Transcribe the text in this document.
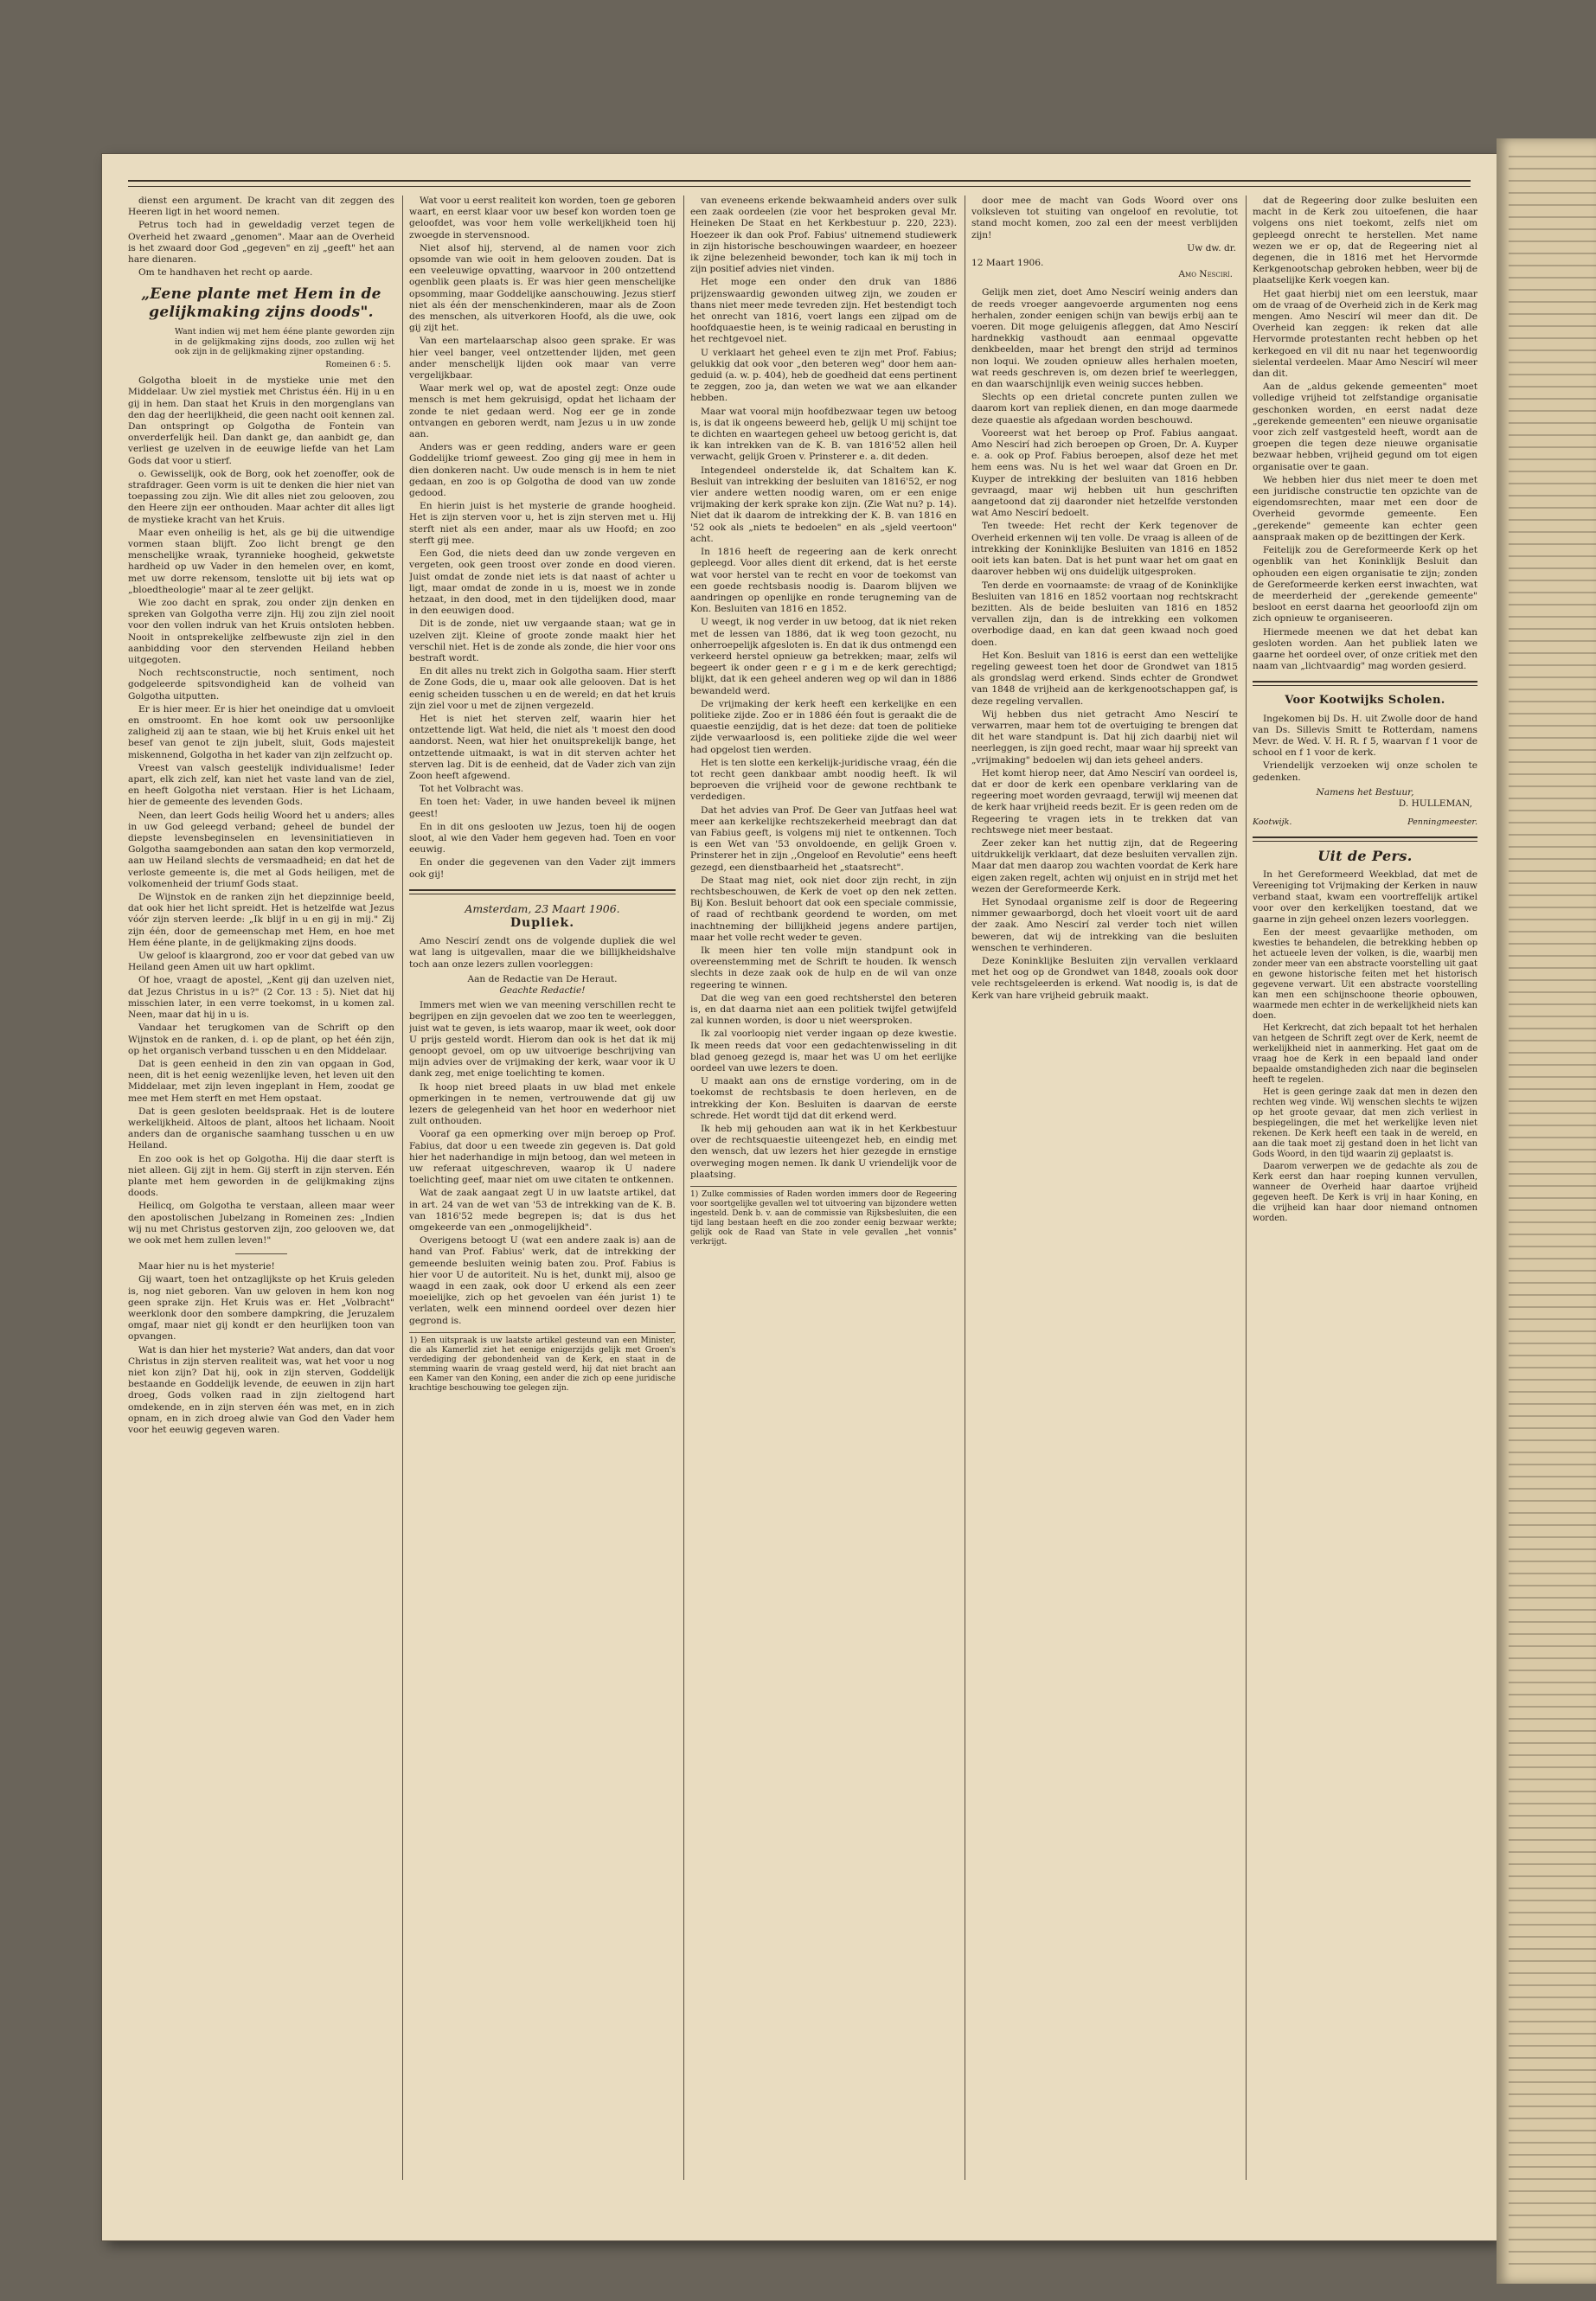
dienst een argument. De kracht van dit zeggen des Heeren ligt in het woord nemen.

Petrus toch had in geweldadig verzet tegen de Overheid het zwaard „genomen". Maar aan de Overheid is het zwaard door God „gegeven" en zij „geeft" het aan hare dienaren.

Om te handhaven het recht op aarde.

„Eene plante met Hem in de gelijkmaking zijns doods".

Want indien wij met hem ééne plante geworden zijn in de gelijkmaking zijns doods, zoo zullen wij het ook zijn in de gelijkmaking zijner opstanding.

Romeinen 6 : 5.

Golgotha bloeit in de mystieke unie met den Middelaar. Uw ziel mystiek met Christus één. Hij in u en gij in hem. Dan staat het Kruis in den morgenglans van den dag der heerlijkheid, die geen nacht ooit kennen zal. Dan ontspringt op Golgotha de Fontein van onverderfelijk heil. Dan dankt ge, dan aanbidt ge, dan verliest ge uzelven in de eeuwige liefde van het Lam Gods dat voor u stierf.

o. Gewisselijk, ook de Borg, ook het zoenoffer, ook de strafdrager. Geen vorm is uit te denken die hier niet van toepassing zou zijn. Wie dit alles niet zou gelooven, zou den Heere zijn eer onthouden. Maar achter dit alles ligt de mystieke kracht van het Kruis.

Maar even onheilig is het, als ge bij die uitwendige vormen staan blijft. Zoo licht brengt ge den menschelijke wraak, tyrannieke hoogheid, gekwetste hardheid op uw Vader in den hemelen over, en komt, met uw dorre rekensom, tenslotte uit bij iets wat op „bloedtheologie" maar al te zeer gelijkt.

Wie zoo dacht en sprak, zou onder zijn denken en spreken van Golgotha verre zijn. Hij zou zijn ziel nooit voor den vollen indruk van het Kruis ontsloten hebben. Nooit in ontsprekelijke zelfbewuste zijn ziel in den aanbidding voor den stervenden Heiland hebben uitgegoten.

Noch rechtsconstructie, noch sentiment, noch godgeleerde spitsvondigheid kan de volheid van Golgotha uitputten.

Er is hier meer. Er is hier het oneindige dat u omvloeit en omstroomt. En hoe komt ook uw persoonlijke zaligheid zij aan te staan, wie bij het Kruis enkel uit het besef van genot te zijn jubelt, sluit, Gods majesteit miskennend, Golgotha in het kader van zijn zelfzucht op.

Vreest van valsch geestelijk individualisme! Ieder apart, elk zich zelf, kan niet het vaste land van de ziel, en heeft Golgotha niet verstaan. Hier is het Lichaam, hier de gemeente des levenden Gods.

Neen, dan leert Gods heilig Woord het u anders; alles in uw God geleegd verband; geheel de bundel der diepste levensbeginselen en levensinitiatieven in Golgotha saamgebonden aan satan den kop vermorzeld, aan uw Heiland slechts de versmaadheid; en dat het de verloste gemeente is, die met al Gods heiligen, met de volkomenheid der triumf Gods staat.

De Wijnstok en de ranken zijn het diepzinnige beeld, dat ook hier het licht spreidt. Het is hetzelfde wat Jezus vóór zijn sterven leerde: „Ik blijf in u en gij in mij." Zij zijn één, door de gemeenschap met Hem, en hoe met Hem ééne plante, in de gelijkmaking zijns doods.

Uw geloof is klaargrond, zoo er voor dat gebed van uw Heiland geen Amen uit uw hart opklimt.

Of hoe, vraagt de apostel, „Kent gij dan uzelven niet, dat Jezus Christus in u is?" (2 Cor. 13 : 5). Niet dat hij misschien later, in een verre toekomst, in u komen zal. Neen, maar dat hij in u is.

Vandaar het terugkomen van de Schrift op den Wijnstok en de ranken, d. i. op de plant, op het één zijn, op het organisch verband tusschen u en den Middelaar.

Dat is geen eenheid in den zin van opgaan in God, neen, dit is het eenig wezenlijke leven, het leven uit den Middelaar, met zijn leven ingeplant in Hem, zoodat ge mee met Hem sterft en met Hem opstaat.

Dat is geen gesloten beeldspraak. Het is de loutere werkelijkheid. Altoos de plant, altoos het lichaam. Nooit anders dan de organische saamhang tusschen u en uw Heiland.

En zoo ook is het op Golgotha. Hij die daar sterft is niet alleen. Gij zijt in hem. Gij sterft in zijn sterven. Eén plante met hem geworden in de gelijkmaking zijns doods.

Heilicq, om Golgotha te verstaan, alleen maar weer den apostolischen Jubelzang in Romeinen zes: „Indien wij nu met Christus gestorven zijn, zoo gelooven we, dat we ook met hem zullen leven!"

Maar hier nu is het mysterie!

Gij waart, toen het ontzaglijkste op het Kruis geleden is, nog niet geboren. Van uw geloven in hem kon nog geen sprake zijn. Het Kruis was er. Het „Volbracht" weerklonk door den sombere dampkring, die Jeruzalem omgaf, maar niet gij kondt er den heurlijken toon van opvangen.

Wat is dan hier het mysterie? Wat anders, dan dat voor Christus in zijn sterven realiteit was, wat het voor u nog niet kon zijn? Dat hij, ook in zijn sterven, Goddelijk bestaande en Goddelijk levende, de eeuwen in zijn hart droeg, Gods volken raad in zijn zieltogend hart omdekende, en in zijn sterven één was met, en in zich opnam, en in zich droeg alwie van God den Vader hem voor het eeuwig gegeven waren.

Wat voor u eerst realiteit kon worden, toen ge geboren waart, en eerst klaar voor uw besef kon worden toen ge geloofdet, was voor hem volle werkelijkheid toen hij zwoegde in stervensnood.

Niet alsof hij, stervend, al de namen voor zich opsomde van wie ooit in hem gelooven zouden. Dat is een veeleuwige opvatting, waarvoor in 200 ontzettend ogenblik geen plaats is. Er was hier geen menschelijke opsomming, maar Goddelijke aanschouwing. Jezus stierf niet als één der menschenkinderen, maar als de Zoon des menschen, als uitverkoren Hoofd, als die uwe, ook gij zijt het.

Van een martelaarschap alsoo geen sprake. Er was hier veel banger, veel ontzettender lijden, met geen ander menschelijk lijden ook maar van verre vergelijkbaar.

Waar merk wel op, wat de apostel zegt: Onze oude mensch is met hem gekruisigd, opdat het lichaam der zonde te niet gedaan werd. Nog eer ge in zonde ontvangen en geboren werdt, nam Jezus u in uw zonde aan.

Anders was er geen redding, anders ware er geen Goddelijke triomf geweest. Zoo ging gij mee in hem in dien donkeren nacht. Uw oude mensch is in hem te niet gedaan, en zoo is op Golgotha de dood van uw zonde gedood.

En hierin juist is het mysterie de grande hoogheid. Het is zijn sterven voor u, het is zijn sterven met u. Hij sterft niet als een ander, maar als uw Hoofd; en zoo sterft gij mee.

Een God, die niets deed dan uw zonde vergeven en vergeten, ook geen troost over zonde en dood vieren. Juist omdat de zonde niet iets is dat naast of achter u ligt, maar omdat de zonde in u is, moest we in zonde hetzaat, in den dood, met in den tijdelijken dood, maar in den eeuwigen dood.

Dit is de zonde, niet uw vergaande staan; wat ge in uzelven zijt. Kleine of groote zonde maakt hier het verschil niet. Het is de zonde als zonde, die hier voor ons bestraft wordt.

En dit alles nu trekt zich in Golgotha saam. Hier sterft de Zone Gods, die u, maar ook alle gelooven. Dat is het eenig scheiden tusschen u en de wereld; en dat het kruis zijn ziel voor u met de zijnen vergezeld.

Het is niet het sterven zelf, waarin hier het ontzettende ligt. Wat held, die niet als 't moest den dood aandorst. Neen, wat hier het onuitsprekelijk bange, het ontzettende uitmaakt, is wat in dit sterven achter het sterven lag. Dit is de eenheid, dat de Vader zich van zijn Zoon heeft afgewend.

Tot het Volbracht was.

En toen het: Vader, in uwe handen beveel ik mijnen geest!

En in dit ons geslooten uw Jezus, toen hij de oogen sloot, al wie den Vader hem gegeven had. Toen en voor eeuwig.

En onder die gegevenen van den Vader zijt immers ook gij!

Amsterdam, 23 Maart 1906.

Dupliek.

Amo Nescirí zendt ons de volgende dupliek die wel wat lang is uitgevallen, maar die we billijkheidshalve toch aan onze lezers zullen voorleggen:

Aan de Redactie van De Heraut.

Geachte Redactie!

Immers met wien we van meening verschillen recht te begrijpen en zijn gevoelen dat we zoo ten te weerleggen, juist wat te geven, is iets waarop, maar ik weet, ook door U prijs gesteld wordt. Hierom dan ook is het dat ik mij genoopt gevoel, om op uw uitvoerige beschrijving van mijn advies over de vrijmaking der kerk, waar voor ik U dank zeg, met enige toelichting te komen.

Ik hoop niet breed plaats in uw blad met enkele opmerkingen in te nemen, vertrouwende dat gij uw lezers de gelegenheid van het hoor en wederhoor niet zult onthouden.

Vooraf ga een opmerking over mijn beroep op Prof. Fabius, dat door u een tweede zin gegeven is. Dat gold hier het naderhandige in mijn betoog, dan wel meteen in uw referaat uitgeschreven, waarop ik U nadere toelichting geef, maar niet om uwe citaten te ontkennen.

Wat de zaak aangaat zegt U in uw laatste artikel, dat in art. 24 van de wet van '53 de intrekking van de K. B. van 1816'52 mede begrepen is; dat is dus het omgekeerde van een „onmogelijkheid".

Overigens betoogt U (wat een andere zaak is) aan de hand van Prof. Fabius' werk, dat de intrekking der gemeende besluiten weinig baten zou. Prof. Fabius is hier voor U de autoriteit. Nu is het, dunkt mij, alsoo ge waagd in een zaak, ook door U erkend als een zeer moeielijke, zich op het gevoelen van één jurist 1) te verlaten, welk een minnend oordeel over dezen hier gegrond is.

1) Een uitspraak is uw laatste artikel gesteund van een Minister, die als Kamerlid ziet het eenige enigerzijds gelijk met Groen's verdediging der gebondenheid van de Kerk, en staat in de stemming waarin de vraag gesteld werd, hij dat niet bracht aan een Kamer van den Koning, een ander die zich op eene juridische krachtige beschouwing toe gelegen zijn.

van eveneens erkende bekwaamheid anders over sulk een zaak oordeelen (zie voor het besproken geval Mr. Heineken De Staat en het Kerkbestuur p. 220, 223). Hoezeer ik dan ook Prof. Fabius' uitnemend studiewerk in zijn historische beschouwingen waardeer, en hoezeer ik zijne belezenheid bewonder, toch kan ik mij toch in zijn positief advies niet vinden.

Het moge een onder den druk van 1886 prijzenswaardig gewonden uitweg zijn, we zouden er thans niet meer mede tevreden zijn. Het bestendigt toch het onrecht van 1816, voert langs een zijpad om de hoofdquaestie heen, is te weinig radicaal en berusting in het rechtgevoel niet.

U verklaart het geheel even te zijn met Prof. Fabius; gelukkig dat ook voor „den beteren weg" door hem aangeduid (a. w. p. 404), heb de goedheid dat eens pertinent te zeggen, zoo ja, dan weten we wat we aan elkander hebben.

Maar wat vooral mijn hoofdbezwaar tegen uw betoog is, is dat ik ongeens beweerd heb, gelijk U mij schijnt toe te dichten en waartegen geheel uw betoog gericht is, dat ik kan intrekken van de K. B. van 1816'52 allen heil verwacht, gelijk Groen v. Prinsterer e. a. dit deden.

Integendeel onderstelde ik, dat Schaltem kan K. Besluit van intrekking der besluiten van 1816'52, er nog vier andere wetten noodig waren, om er een enige vrijmaking der kerk sprake kon zijn. (Zie Wat nu? p. 14). Niet dat ik daarom de intrekking der K. B. van 1816 en '52 ook als „niets te bedoelen" en als „sjeld veertoon" acht.

In 1816 heeft de regeering aan de kerk onrecht gepleegd. Voor alles dient dit erkend, dat is het eerste wat voor herstel van te recht en voor de toekomst van een goede rechtsbasis noodig is. Daarom blijven we aandringen op openlijke en ronde terugneming van de Kon. Besluiten van 1816 en 1852.

U weegt, ik nog verder in uw betoog, dat ik niet reken met de lessen van 1886, dat ik weg toon gezocht, nu onherroepelijk afgesloten is. En dat ik dus ontmengd een verkeerd herstel opnieuw ga betrekken; maar, zelfs wil begeert ik onder geen r e g i m e de kerk gerechtigd; blijkt, dat ik een geheel anderen weg op wil dan in 1886 bewandeld werd.

De vrijmaking der kerk heeft een kerkelijke en een politieke zijde. Zoo er in 1886 één fout is geraakt die de quaestie eenzijdig, dat is het deze: dat toen de politieke zijde verwaarloosd is, een politieke zijde die wel weer had opgelost tien werden.

Het is ten slotte een kerkelijk-juridische vraag, één die tot recht geen dankbaar ambt noodig heeft. Ik wil beproeven die vrijheid voor de gewone rechtbank te verdedigen.

Dat het advies van Prof. De Geer van Jutfaas heel wat meer aan kerkelijke rechtszekerheid meebragt dan dat van Fabius geeft, is volgens mij niet te ontkennen. Toch is een Wet van '53 onvoldoende, en gelijk Groen v. Prinsterer het in zijn ,,Ongeloof en Revolutie" eens heeft gezegd, een dienstbaarheid het „staatsrecht".

De Staat mag niet, ook niet door zijn recht, in zijn rechtsbeschouwen, de Kerk de voet op den nek zetten. Bij Kon. Besluit behoort dat ook een speciale commissie, of raad of rechtbank geordend te worden, om met inachtneming der billijkheid jegens andere partijen, maar het volle recht weder te geven.

Ik meen hier ten volle mijn standpunt ook in overeenstemming met de Schrift te houden. Ik wensch slechts in deze zaak ook de hulp en de wil van onze regeering te winnen.

Dat die weg van een goed rechtsherstel den beteren is, en dat daarna niet aan een politiek twijfel getwijfeld zal kunnen worden, is door u niet weersproken.

Ik zal voorloopig niet verder ingaan op deze kwestie. Ik meen reeds dat voor een gedachtenwisseling in dit blad genoeg gezegd is, maar het was U om het eerlijke oordeel van uwe lezers te doen.

U maakt aan ons de ernstige vordering, om in de toekomst de rechtsbasis te doen herleven, en de intrekking der Kon. Besluiten is daarvan de eerste schrede. Het wordt tijd dat dit erkend werd.

Ik heb mij gehouden aan wat ik in het Kerkbestuur over de rechtsquaestie uiteengezet heb, en eindig met den wensch, dat uw lezers het hier gezegde in ernstige overweging mogen nemen. Ik dank U vriendelijk voor de plaatsing.

1) Zulke commissies of Raden worden immers door de Regeering voor soortgelijke gevallen wel tot uitvoering van bijzondere wetten ingesteld. Denk b. v. aan de commissie van Rijksbesluiten, die een tijd lang bestaan heeft en die zoo zonder eenig bezwaar werkte; gelijk ook de Raad van State in vele gevallen „het vonnis" verkrijgt.

door mee de macht van Gods Woord over ons volksleven tot stuiting van ongeloof en revolutie, tot stand mocht komen, zoo zal een der meest verblijden zijn!

Uw dw. dr.

12 Maart 1906.

Amo Nescirí.

Gelijk men ziet, doet Amo Nescirí weinig anders dan de reeds vroeger aangevoerde argumenten nog eens herhalen, zonder eenigen schijn van bewijs erbij aan te voeren. Dit moge geluigenis afleggen, dat Amo Nescirí hardnekkig vasthoudt aan eenmaal opgevatte denkbeelden, maar het brengt den strijd ad terminos non loqui. We zouden opnieuw alles herhalen moeten, wat reeds geschreven is, om dezen brief te weerleggen, en dan waarschijnlijk even weinig succes hebben.

Slechts op een drietal concrete punten zullen we daarom kort van repliek dienen, en dan moge daarmede deze quaestie als afgedaan worden beschouwd.

Vooreerst wat het beroep op Prof. Fabius aangaat. Amo Nescirí had zich beroepen op Groen, Dr. A. Kuyper e. a. ook op Prof. Fabius beroepen, alsof deze het met hem eens was. Nu is het wel waar dat Groen en Dr. Kuyper de intrekking der besluiten van 1816 hebben gevraagd, maar wij hebben uit hun geschriften aangetoond dat zij daaronder niet hetzelfde verstonden wat Amo Nescirí bedoelt.

Ten tweede: Het recht der Kerk tegenover de Overheid erkennen wij ten volle. De vraag is alleen of de intrekking der Koninklijke Besluiten van 1816 en 1852 ooit iets kan baten. Dat is het punt waar het om gaat en daarover hebben wij ons duidelijk uitgesproken.

Ten derde en voornaamste: de vraag of de Koninklijke Besluiten van 1816 en 1852 voortaan nog rechtskracht bezitten. Als de beide besluiten van 1816 en 1852 vervallen zijn, dan is de intrekking een volkomen overbodige daad, en kan dat geen kwaad noch goed doen.

Het Kon. Besluit van 1816 is eerst dan een wettelijke regeling geweest toen het door de Grondwet van 1815 als grondslag werd erkend. Sinds echter de Grondwet van 1848 de vrijheid aan de kerkgenootschappen gaf, is deze regeling vervallen.

Wij hebben dus niet getracht Amo Nescirí te verwarren, maar hem tot de overtuiging te brengen dat dit het ware standpunt is. Dat hij zich daarbij niet wil neerleggen, is zijn goed recht, maar waar hij spreekt van „vrijmaking" bedoelen wij dan iets geheel anders.

Het komt hierop neer, dat Amo Nescirí van oordeel is, dat er door de kerk een openbare verklaring van de regeering moet worden gevraagd, terwijl wij meenen dat de kerk haar vrijheid reeds bezit. Er is geen reden om de Regeering te vragen iets in te trekken dat van rechtswege niet meer bestaat.

Zeer zeker kan het nuttig zijn, dat de Regeering uitdrukkelijk verklaart, dat deze besluiten vervallen zijn. Maar dat men daarop zou wachten voordat de Kerk hare eigen zaken regelt, achten wij onjuist en in strijd met het wezen der Gereformeerde Kerk.

Het Synodaal organisme zelf is door de Regeering nimmer gewaarborgd, doch het vloeit voort uit de aard der zaak. Amo Nescirí zal verder toch niet willen beweren, dat wij de intrekking van die besluiten wenschen te verhinderen.

Deze Koninklijke Besluiten zijn vervallen verklaard met het oog op de Grondwet van 1848, zooals ook door vele rechtsgeleerden is erkend. Wat noodig is, is dat de Kerk van hare vrijheid gebruik maakt.

dat de Regeering door zulke besluiten een macht in de Kerk zou uitoefenen, die haar volgens ons niet toekomt, zelfs niet om gepleegd onrecht te herstellen. Met name wezen we er op, dat de Regeering niet al degenen, die in 1816 met het Hervormde Kerkgenootschap gebroken hebben, weer bij de plaatselijke Kerk voegen kan.

Het gaat hierbij niet om een leerstuk, maar om de vraag of de Overheid zich in de Kerk mag mengen. Amo Nescirí wil meer dan dit. De Overheid kan zeggen: ik reken dat alle Hervormde protestanten recht hebben op het kerkegoed en vil dit nu naar het tegenwoordig sielental verdeelen. Maar Amo Nescirí wil meer dan dit.

Aan de „aldus gekende gemeenten" moet volledige vrijheid tot zelfstandige organisatie geschonken worden, en eerst nadat deze „gerekende gemeenten" een nieuwe organisatie voor zich zelf vastgesteld heeft, wordt aan de groepen die tegen deze nieuwe organisatie bezwaar hebben, vrijheid gegund om tot eigen organisatie over te gaan.

We hebben hier dus niet meer te doen met een juridische constructie ten opzichte van de eigendomsrechten, maar met een door de Overheid gevormde gemeente. Een „gerekende" gemeente kan echter geen aanspraak maken op de bezittingen der Kerk.

Feitelijk zou de Gereformeerde Kerk op het ogenblik van het Koninklijk Besluit dan ophouden een eigen organisatie te zijn; zonden de Gereformeerde kerken eerst inwachten, wat de meerderheid der „gerekende gemeente" besloot en eerst daarna het geoorloofd zijn om zich opnieuw te organiseeren.

Hiermede meenen we dat het debat kan gesloten worden. Aan het publiek laten we gaarne het oordeel over, of onze critiek met den naam van „lichtvaardig" mag worden gesierd.

Voor Kootwijks Scholen.

Ingekomen bij Ds. H. uit Zwolle door de hand van Ds. Sillevis Smitt te Rotterdam, namens Mevr. de Wed. V. H. R. f 5, waarvan f 1 voor de school en f 1 voor de kerk.

Vriendelijk verzoeken wij onze scholen te gedenken.

Namens het Bestuur,

D. HULLEMAN,

Kootwijk.	Penningmeester.

Uit de Pers.

In het Gereformeerd Weekblad, dat met de Vereeniging tot Vrijmaking der Kerken in nauw verband staat, kwam een voortreffelijk artikel voor over den kerkelijken toestand, dat we gaarne in zijn geheel onzen lezers voorleggen.

Een der meest gevaarlijke methoden, om kwesties te behandelen, die betrekking hebben op het actueele leven der volken, is die, waarbij men zonder meer van een abstracte voorstelling uit gaat en gewone historische feiten met het historisch gegevene verwart. Uit een abstracte voorstelling kan men een schijnschoone theorie opbouwen, waarmede men echter in de werkelijkheid niets kan doen.

Het Kerkrecht, dat zich bepaalt tot het herhalen van hetgeen de Schrift zegt over de Kerk, neemt de werkelijkheid niet in aanmerking. Het gaat om de vraag hoe de Kerk in een bepaald land onder bepaalde omstandigheden zich naar die beginselen heeft te regelen.

Het is geen geringe zaak dat men in dezen den rechten weg vinde. Wij wenschen slechts te wijzen op het groote gevaar, dat men zich verliest in bespiegelingen, die met het werkelijke leven niet rekenen. De Kerk heeft een taak in de wereld, en aan die taak moet zij gestand doen in het licht van Gods Woord, in den tijd waarin zij geplaatst is.

Daarom verwerpen we de gedachte als zou de Kerk eerst dan haar roeping kunnen vervullen, wanneer de Overheid haar daartoe vrijheid gegeven heeft. De Kerk is vrij in haar Koning, en die vrijheid kan haar door niemand ontnomen worden.
